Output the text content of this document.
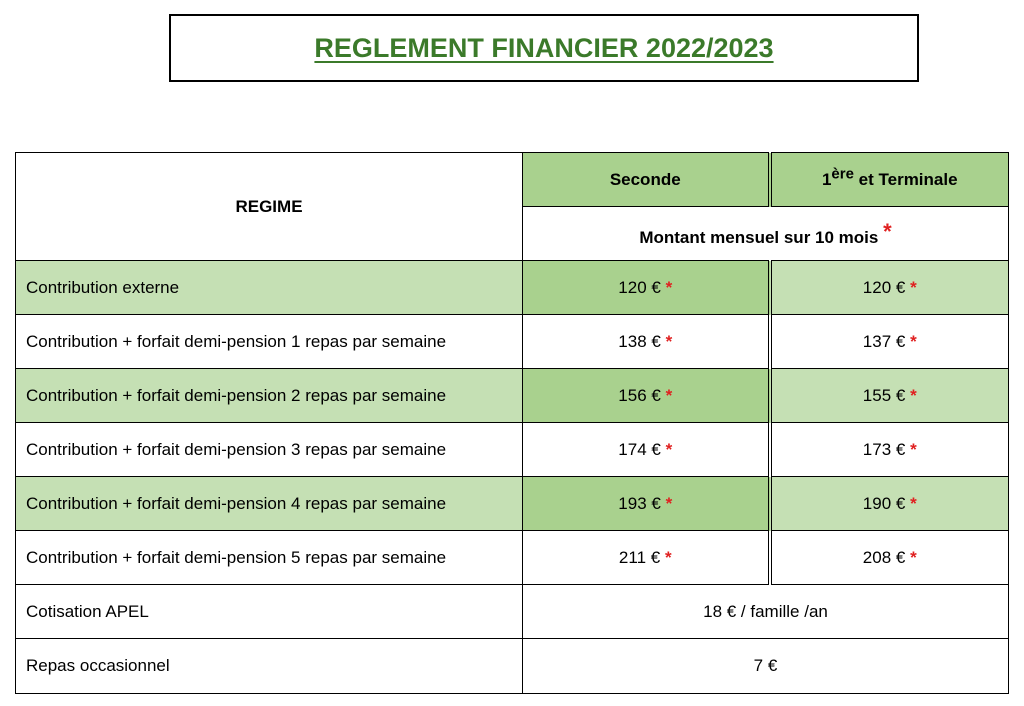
REGLEMENT FINANCIER 2022/2023
REGIME	Seconde	1ère et Terminale
	Montant mensuel sur 10 mois *	
Contribution externe	120 € *	120 € *
Contribution + forfait demi-pension 1 repas par semaine	138 € *	137 € *
Contribution + forfait demi-pension 2 repas par semaine	156 € *	155 € *
Contribution + forfait demi-pension 3 repas par semaine	174 € *	173 € *
Contribution + forfait demi-pension 4 repas par semaine	193 € *	190 € *
Contribution + forfait demi-pension 5 repas par semaine	211 € *	208 € *
Cotisation APEL	18 € / famille /an	
Repas occasionnel	7 €	
